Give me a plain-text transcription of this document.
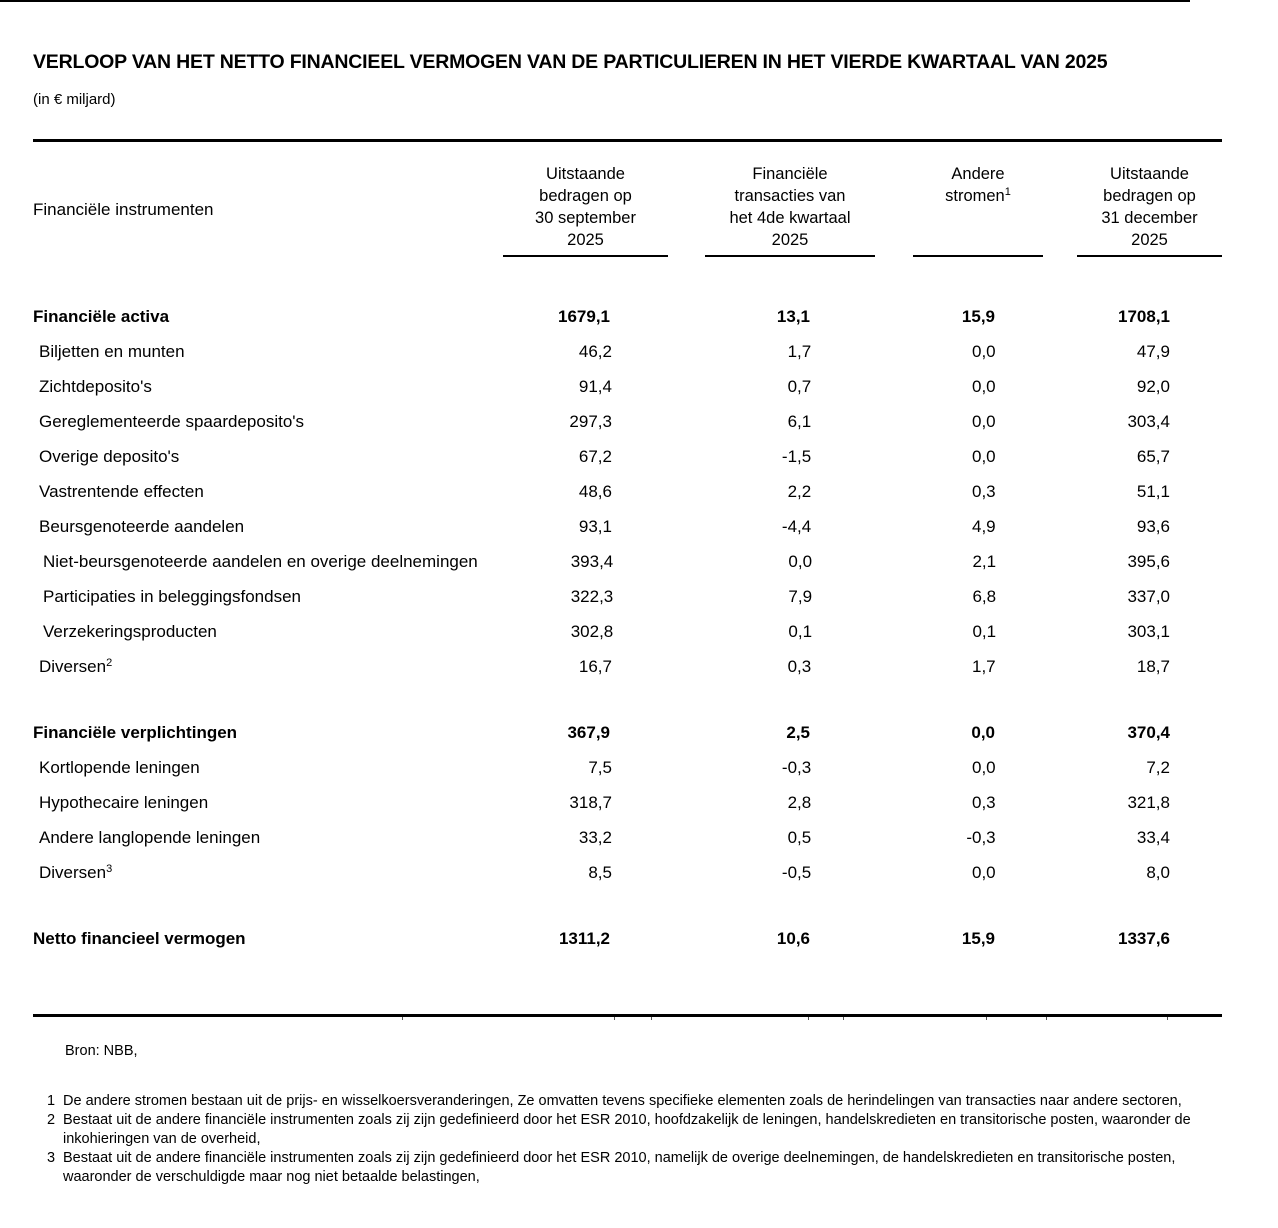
VERLOOP VAN HET NETTO FINANCIEEL VERMOGEN VAN DE PARTICULIEREN IN HET VIERDE KWARTAAL VAN 2025
(in € miljard)
Financiële instrumenten
Uitstaande
bedragen op
30 september
2025
Financiële
transacties van
het 4de kwartaal
2025
Andere
stromen$^1$
Uitstaande
bedragen op
31 december
2025
Financiële activa	1679,1	13,1	15,9	1708,1
Biljetten en munten	46,2	1,7	0,0	47,9
Zichtdeposito's	91,4	0,7	0,0	92,0
Gereglementeerde spaardeposito's	297,3	6,1	0,0	303,4
Overige deposito's	67,2	-1,5	0,0	65,7
Vastrentende effecten	48,6	2,2	0,3	51,1
Beursgenoteerde aandelen	93,1	-4,4	4,9	93,6
Niet-beursgenoteerde aandelen en overige deelnemingen	393,4	0,0	2,1	395,6
Participaties in beleggingsfondsen	322,3	7,9	6,8	337,0
Verzekeringsproducten	302,8	0,1	0,1	303,1
Diversen$^2$	16,7	0,3	1,7	18,7
Financiële verplichtingen	367,9	2,5	0,0	370,4
Kortlopende leningen	7,5	-0,3	0,0	7,2
Hypothecaire leningen	318,7	2,8	0,3	321,8
Andere langlopende leningen	33,2	0,5	-0,3	33,4
Diversen$^3$	8,5	-0,5	0,0	8,0
Netto financieel vermogen	1311,2	10,6	15,9	1337,6
Bron: NBB,
1 De andere stromen bestaan uit de prijs- en wisselkoersveranderingen, Ze omvatten tevens specifieke elementen zoals de herindelingen van transacties naar andere sectoren,
2 Bestaat uit de andere financiële instrumenten zoals zij zijn gedefinieerd door het ESR 2010, hoofdzakelijk de leningen, handelskredieten en transitorische posten, waaronder de inkohieringen van de overheid,
3 Bestaat uit de andere financiële instrumenten zoals zij zijn gedefinieerd door het ESR 2010, namelijk de overige deelnemingen, de handelskredieten en transitorische posten, waaronder de verschuldigde maar nog niet betaalde belastingen,
